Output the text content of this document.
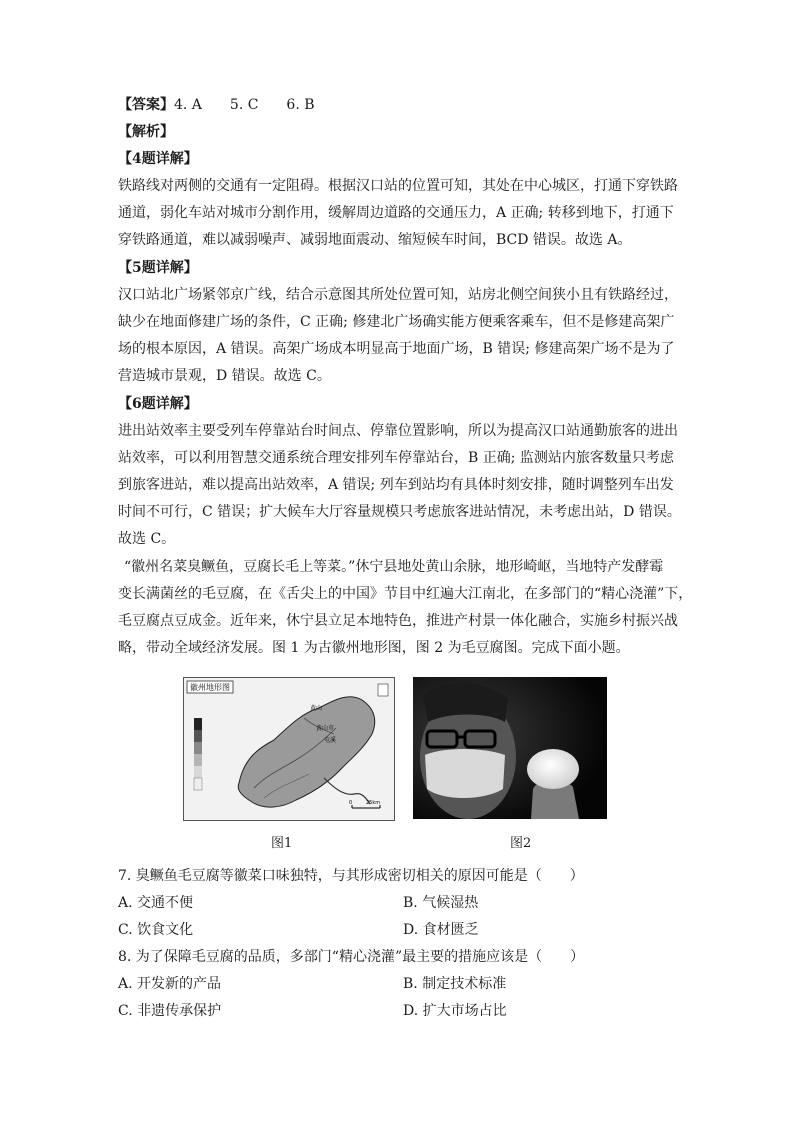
【答案】4. A　　5. C　　6. B
【解析】
【4题详解】
铁路线对两侧的交通有一定阻碍。根据汉口站的位置可知，其处在中心城区，打通下穿铁路
通道，弱化车站对城市分割作用，缓解周边道路的交通压力，A 正确; 转移到地下，打通下
穿铁路通道，难以减弱噪声、减弱地面震动、缩短候车时间，BCD 错误。故选 A。
【5题详解】
汉口站北广场紧邻京广线，结合示意图其所处位置可知，站房北侧空间狭小且有铁路经过，
缺少在地面修建广场的条件，C 正确; 修建北广场确实能方便乘客乘车，但不是修建高架广
场的根本原因，A 错误。高架广场成本明显高于地面广场，B 错误; 修建高架广场不是为了
营造城市景观，D 错误。故选 C。
【6题详解】
进出站效率主要受列车停靠站台时间点、停靠位置影响，所以为提高汉口站通勤旅客的进出
站效率，可以利用智慧交通系统合理安排列车停靠站台，B 正确; 监测站内旅客数量只考虑
到旅客进站，难以提高出站效率，A 错误; 列车到站均有具体时刻安排，随时调整列车出发
时间不可行，C 错误；扩大候车大厅容量规模只考虑旅客进站情况，未考虑出站，D 错误。
故选 C。
“徽州名菜臭鳜鱼，豆腐长毛上等菜。”休宁县地处黄山余脉，地形崎岖，当地特产发酵霉
变长满菌丝的毛豆腐，在《舌尖上的中国》节目中红遍大江南北，在多部门的“精心浇灌”下，
毛豆腐点豆成金。近年来，休宁县立足本地特色，推进产村景一体化融合，实施乡村振兴战
略，带动全域经济发展。图 1 为古徽州地形图，图 2 为毛豆腐图。完成下面小题。
徽州地形图
黄山
黄山市
屯溪
0	25km
图1	图2
7. 臭鳜鱼毛豆腐等徽菜口味独特，与其形成密切相关的原因可能是（　　）
A. 交通不便	B. 气候湿热
C. 饮食文化	D. 食材匮乏
8. 为了保障毛豆腐的品质，多部门“精心浇灌”最主要的措施应该是（　　）
A. 开发新的产品	B. 制定技术标准
C. 非遗传承保护	D. 扩大市场占比
